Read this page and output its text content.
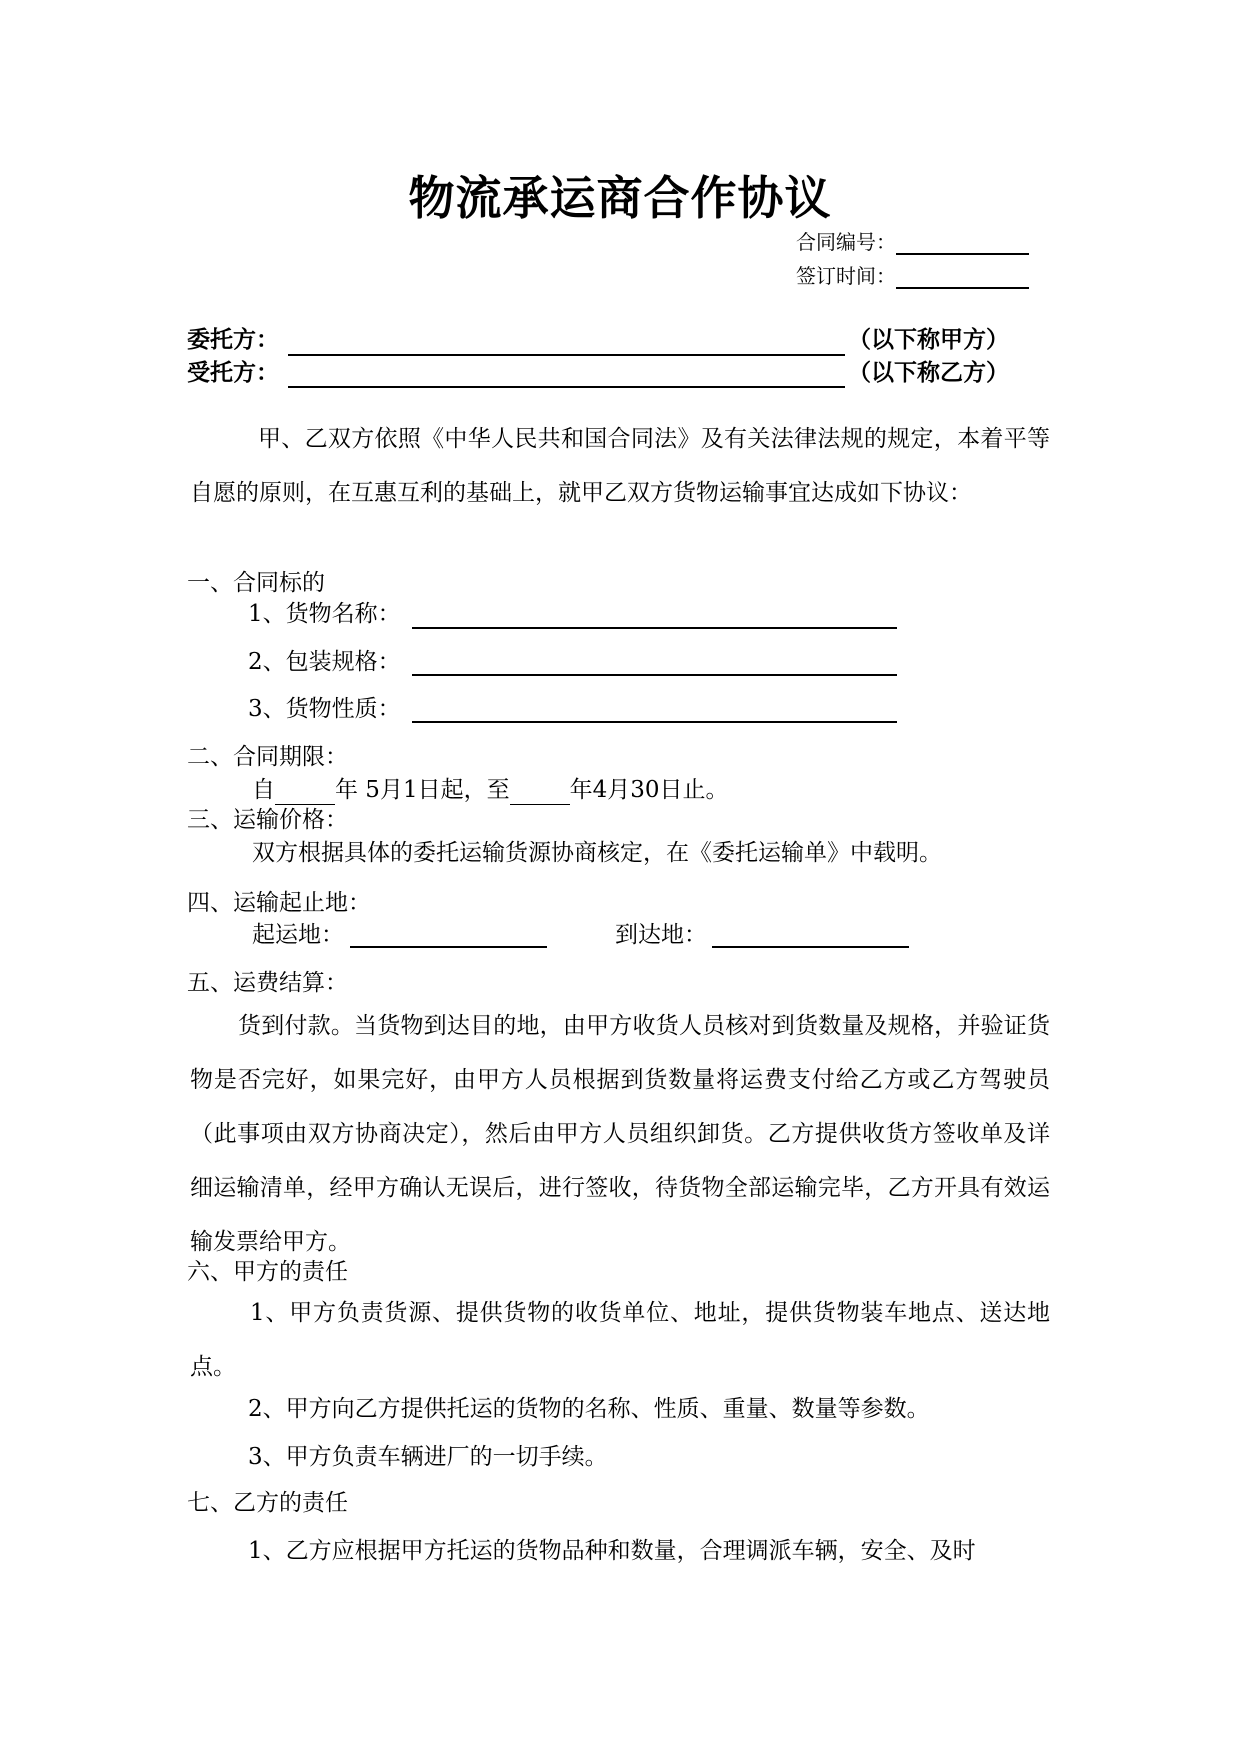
物流承运商合作协议
合同编号：
签订时间：
委托方：	（以下称甲方）
受托方：	（以下称乙方）
甲、乙双方依照《中华人民共和国合同法》及有关法律法规的规定，本着平等自愿的原则，在互惠互利的基础上，就甲乙双方货物运输事宜达成如下协议：
一、合同标的
1、货物名称：
2、包装规格：
3、货物性质：
二、合同期限：
自	年 5月1日起，至	年4月30日止。
三、运输价格：
双方根据具体的委托运输货源协商核定，在《委托运输单》中载明。
四、运输起止地：
起运地：	到达地：
五、运费结算：
货到付款。当货物到达目的地，由甲方收货人员核对到货数量及规格，并验证货物是否完好，如果完好，由甲方人员根据到货数量将运费支付给乙方或乙方驾驶员（此事项由双方协商决定），然后由甲方人员组织卸货。乙方提供收货方签收单及详细运输清单，经甲方确认无误后，进行签收，待货物全部运输完毕，乙方开具有效运输发票给甲方。
六、甲方的责任
1、甲方负责货源、提供货物的收货单位、地址，提供货物装车地点、送达地点。
2、甲方向乙方提供托运的货物的名称、性质、重量、数量等参数。
3、甲方负责车辆进厂的一切手续。
七、乙方的责任
1、乙方应根据甲方托运的货物品种和数量，合理调派车辆，安全、及时
